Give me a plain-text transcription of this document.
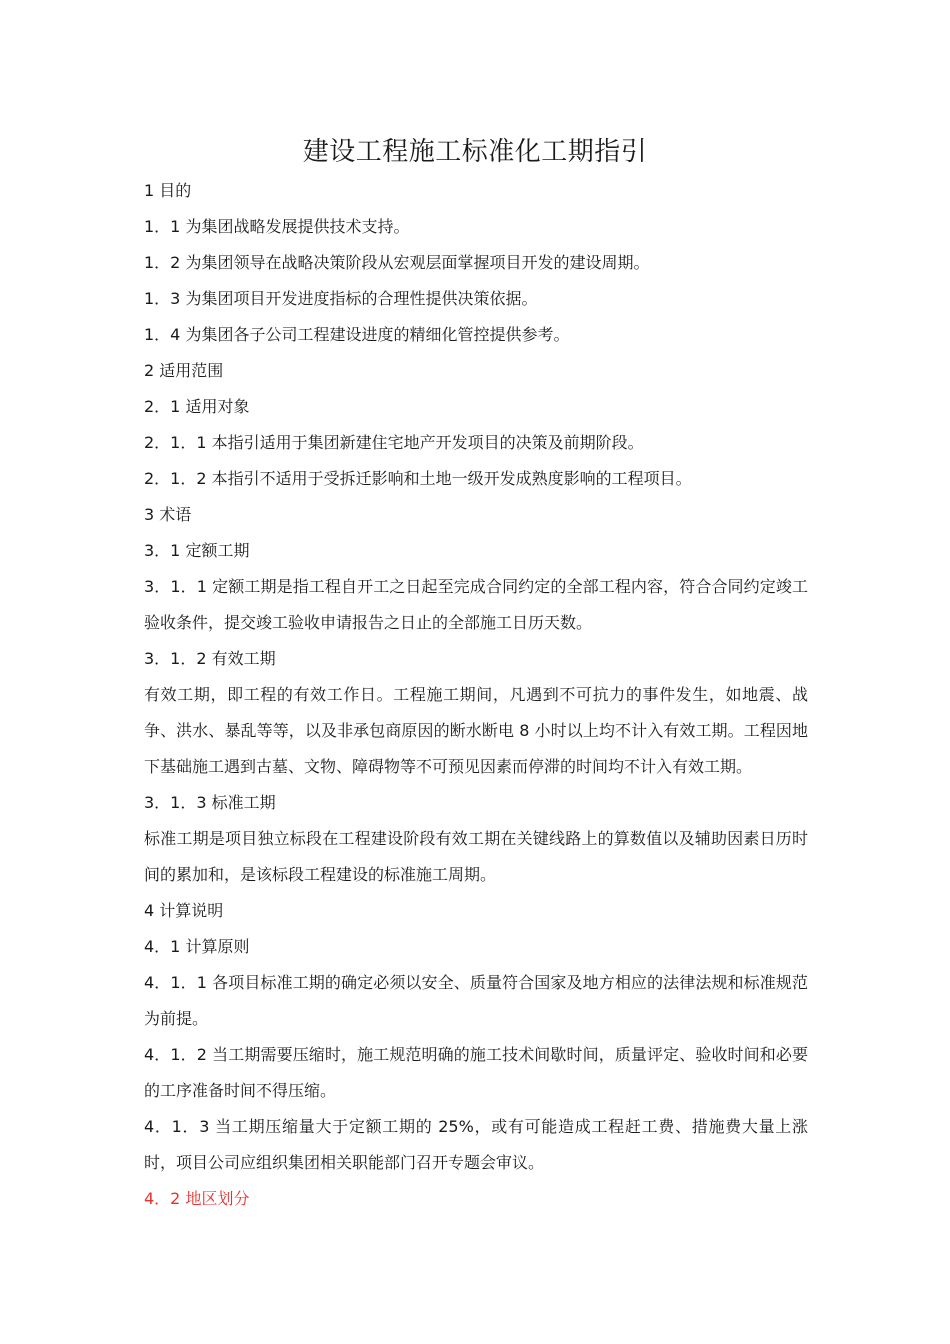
建设工程施工标准化工期指引

1 目的

1．1 为集团战略发展提供技术支持。

1．2 为集团领导在战略决策阶段从宏观层面掌握项目开发的建设周期。

1．3 为集团项目开发进度指标的合理性提供决策依据。

1．4 为集团各子公司工程建设进度的精细化管控提供参考。

2 适用范围

2．1 适用对象

2．1．1 本指引适用于集团新建住宅地产开发项目的决策及前期阶段。

2．1．2 本指引不适用于受拆迁影响和土地一级开发成熟度影响的工程项目。

3 术语

3．1 定额工期

3．1．1 定额工期是指工程自开工之日起至完成合同约定的全部工程内容，符合合同约定竣工验收条件，提交竣工验收申请报告之日止的全部施工日历天数。

3．1．2 有效工期

有效工期，即工程的有效工作日。工程施工期间，凡遇到不可抗力的事件发生，如地震、战争、洪水、暴乱等等，以及非承包商原因的断水断电 8 小时以上均不计入有效工期。工程因地下基础施工遇到古墓、文物、障碍物等不可预见因素而停滞的时间均不计入有效工期。

3．1．3 标准工期

标准工期是项目独立标段在工程建设阶段有效工期在关键线路上的算数值以及辅助因素日历时间的累加和，是该标段工程建设的标准施工周期。

4 计算说明

4．1 计算原则

4．1．1 各项目标准工期的确定必须以安全、质量符合国家及地方相应的法律法规和标准规范为前提。

4．1．2 当工期需要压缩时，施工规范明确的施工技术间歇时间，质量评定、验收时间和必要的工序准备时间不得压缩。

4．1．3 当工期压缩量大于定额工期的 25%，或有可能造成工程赶工费、措施费大量上涨时，项目公司应组织集团相关职能部门召开专题会审议。

4．2 地区划分
